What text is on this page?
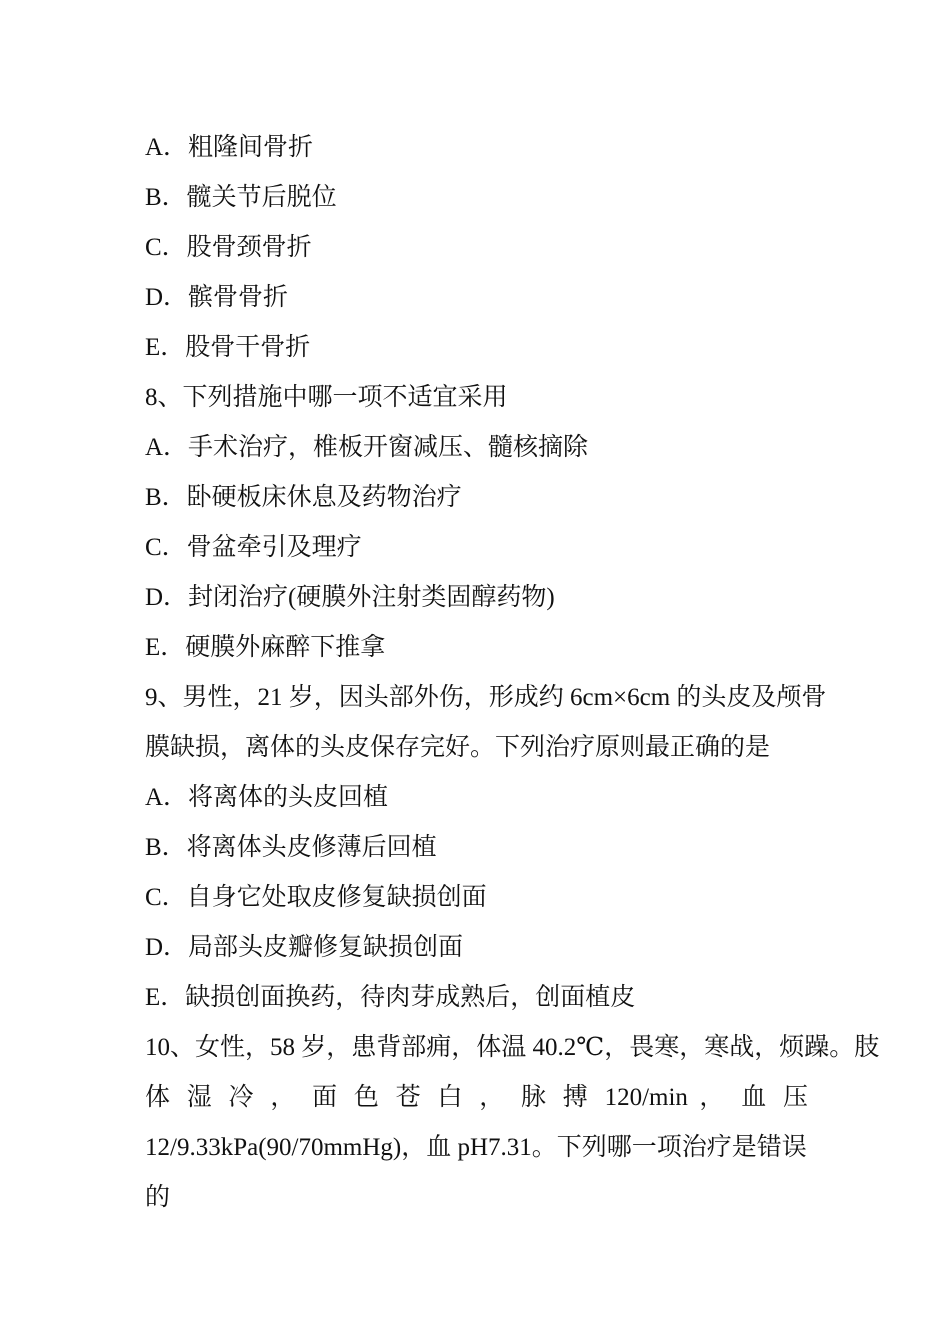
A．粗隆间骨折
B．髋关节后脱位
C．股骨颈骨折
D．髌骨骨折
E．股骨干骨折
8、下列措施中哪一项不适宜采用
A．手术治疗，椎板开窗减压、髓核摘除
B．卧硬板床休息及药物治疗
C．骨盆牵引及理疗
D．封闭治疗(硬膜外注射类固醇药物)
E．硬膜外麻醉下推拿
9、男性，21 岁，因头部外伤，形成约 6cm×6cm 的头皮及颅骨
膜缺损，离体的头皮保存完好。下列治疗原则最正确的是
A．将离体的头皮回植
B．将离体头皮修薄后回植
C．自身它处取皮修复缺损创面
D．局部头皮瓣修复缺损创面
E．缺损创面换药，待肉芽成熟后，创面植皮
10、女性，58 岁，患背部痈，体温 40.2℃，畏寒，寒战，烦躁。肢
体 湿 冷 ， 面 色 苍 白 ， 脉 搏 120/min ， 血 压
12/9.33kPa(90/70mmHg)，血 pH7.31。下列哪一项治疗是错误
的
